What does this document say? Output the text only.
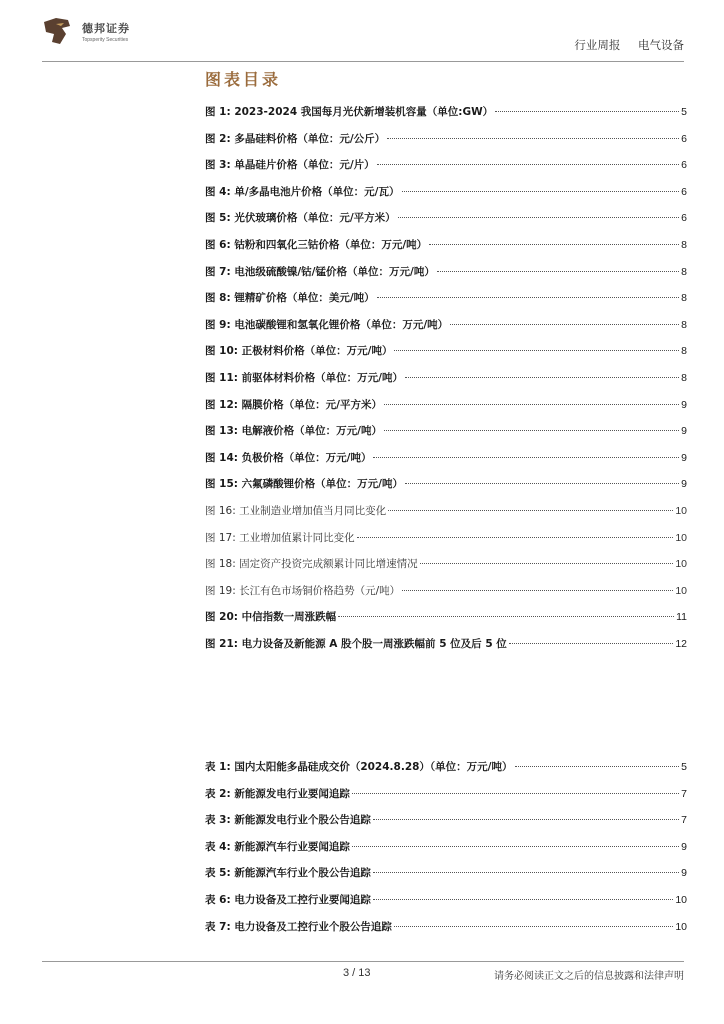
德邦证券
Topsperity Securities	行业周报 电气设备
图表目录
图 1: 2023-2024 我国每月光伏新增装机容量（单位:GW）	5
图 2: 多晶硅料价格（单位：元/公斤）	6
图 3: 单晶硅片价格（单位：元/片）	6
图 4: 单/多晶电池片价格（单位：元/瓦）	6
图 5: 光伏玻璃价格（单位：元/平方米）	6
图 6: 钴粉和四氧化三钴价格（单位：万元/吨）	8
图 7: 电池级硫酸镍/钴/锰价格（单位：万元/吨）	8
图 8: 锂精矿价格（单位：美元/吨）	8
图 9: 电池碳酸锂和氢氧化锂价格（单位：万元/吨）	8
图 10: 正极材料价格（单位：万元/吨）	8
图 11: 前驱体材料价格（单位：万元/吨）	8
图 12: 隔膜价格（单位：元/平方米）	9
图 13: 电解液价格（单位：万元/吨）	9
图 14: 负极价格（单位：万元/吨）	9
图 15: 六氟磷酸锂价格（单位：万元/吨）	9
图 16: 工业制造业增加值当月同比变化	10
图 17: 工业增加值累计同比变化	10
图 18: 固定资产投资完成额累计同比增速情况	10
图 19: 长江有色市场铜价格趋势（元/吨）	10
图 20: 中信指数一周涨跌幅	11
图 21: 电力设备及新能源 A 股个股一周涨跌幅前 5 位及后 5 位	12
表 1: 国内太阳能多晶硅成交价（2024.8.28）（单位：万元/吨）	5
表 2: 新能源发电行业要闻追踪	7
表 3: 新能源发电行业个股公告追踪	7
表 4: 新能源汽车行业要闻追踪	9
表 5: 新能源汽车行业个股公告追踪	9
表 6: 电力设备及工控行业要闻追踪	10
表 7: 电力设备及工控行业个股公告追踪	10
3 / 13	请务必阅读正文之后的信息披露和法律声明
